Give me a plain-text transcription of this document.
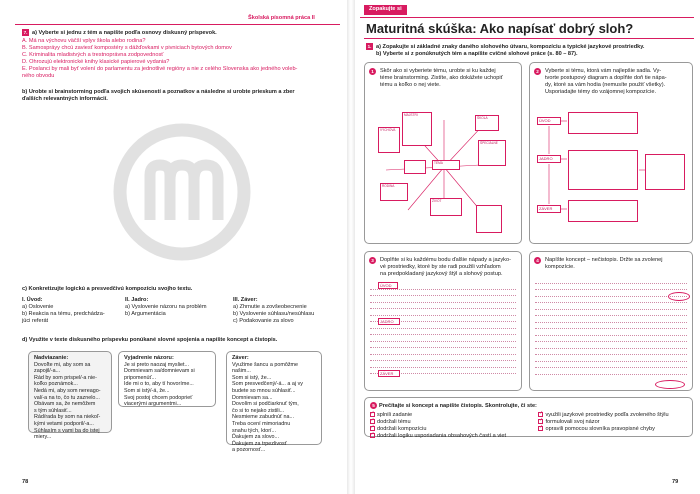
Školská písomná práca II
7. a) Vyberte si jednu z tém a napíšte podľa osnovy diskusný príspevok.
A. Má na výchovu väčší vplyv škola alebo rodina?
B. Samospráyy chcú zaviesť kompostéry s dážďovkami v pivniciach bytových domov
C. Kriminalita mladistvých a trestnoprávna zodpovednosť
D. Ohrozujú elektronické knihy klasické papierové vydania?
E. Poslanci by mali byť volení do parlamentu za jednotlivé regióny a nie z celého Slovenska ako jedného voleb-
ného obvodu
b) Urobte si brainstorming podľa svojich skúseností a poznatkov a následne si urobte prieskum a zber
ďalších relevantných informácií.
c) Konkretizujte logickú a presvedčivú kompozíciu svojho textu.
I. Úvod:
a) Oslovenie
b) Reakcia na tému, predchádza-
júci referát
II. Jadro:
a) Vyslovenie názoru na problém
b) Argumentácia
III. Záver:
a) Zhrnutie a zovšeobecnenie
b) Vyslovenie súhlasu/nesúhlasu
c) Podakovanie za slovo
d) Využite v texte diskusného príspevku ponúkané slovné spojenia a napíšte koncept a čistopis.
Nadviazanie:
Dovoľte mi, aby som sa
zapojil/-a...
Rád by som prispel/-a nie-
koľko poznámok...
Nedá mi, aby som nereago-
val/-a na to, čo tu zaznelo...
Obávam sa, že nemôžem
s tým súhlasiť...
Rád/rada by som na niekoľ-
kými vetami podporil/-a...
Súhlasím s vami ba do istej
miery...
Vyjadrenie názoru:
Je si preto naozaj mysliet...
Domnievam sa/domnievam si
pripomenúť...
Ide mi o to, aby tí hovoríme...
Som si istý/-á, že...
Svoj postoj chcem podoprieť
viacerými argumentmi...
Záver:
Využime šancu a pomôžme
našim...
Som si istý, že...
Som presvedčený/-á... a aj vy
budete so mnou súhlasiť...
Domnievam sa...
Dovolím si podčiarknuť tým,
čo si to nejako zistili...
Nesmieme zabudnúť na...
Treba ocení mimoriadnu
snahu tých, ktorí...
Ďakujem za slovo...
Ďakujem za trpezlivosť
a pozornosť...
78
Zopakujte si
Maturitná skúška: Ako napísať dobrý sloh?
1. a) Zopakujte si základné znaky daného slohového útvaru, kompozíciu a typické jazykové prostriedky.
b) Vyberte si z ponúknutých tém a napíšte cvičné slohové práce (s. 80 – 87).
1	Skôr ako si vyberiete tému, urobte si ku každej
téme brainstorming. Zistíte, ako dokážete uchopiť
tému a koľko o nej viete.
TÉMA
MAJSTRI
VÝCHOVA
ŠKOLA
ŠPECIÁLNE
RODINA
ŽIVOT
2	Vyberte si tému, ktorá vám najlepšie sadla. Vy-
tvorte postupový diagram a doplňte doň tie nápa-
dy, ktoré sa vám hodia (nemusíte použiť všetky).
Usporiadajte témy do vzájomnej kompozície.
ÚVOD
JADRO
ZÁVER
3	Doplňte si ku každému bodu ďalšie nápady a jazyko-
vé prostriedky, ktoré by ste radi použili vzhľadom
na predpokladaný jazykový štýl a slohový postup.
ÚVOD
JADRO
ZÁVER
4	Napíšte koncept – nečistopis. Držte sa zvolenej
kompozície.
5 Prečítajte si koncept a napíšte čistopis. Skontrolujte, či ste:
✓splnili zadanie
✓dodržali tému
✓dodržali kompozíciu
✓dodržali logiku usporiadania obsahových častí a viet
✓využili jazykové prostriedky podľa zvoleného štýlu
✓formulovali svoj názor
✓opravili pomocou slovníka pravopisné chyby
79
